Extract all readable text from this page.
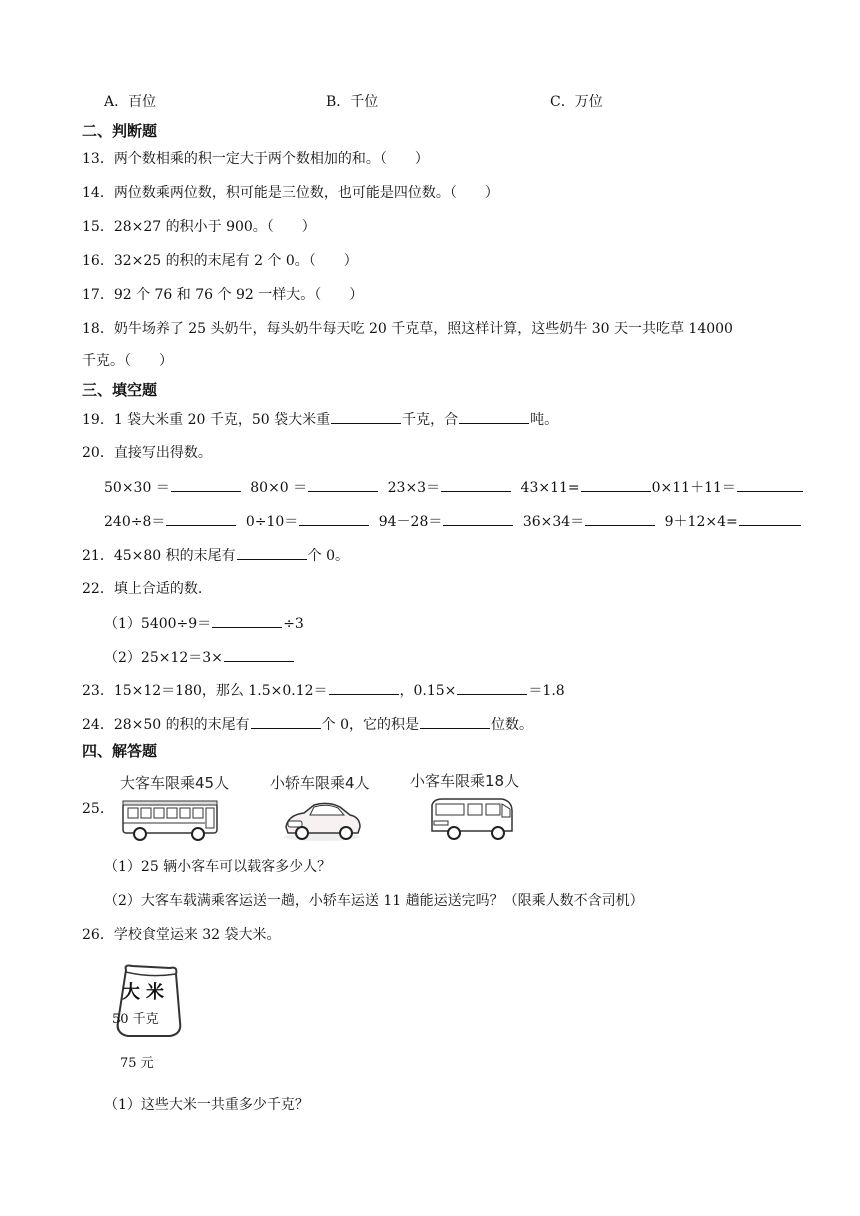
A．百位	B．千位	C．万位
二、判断题
13．两个数相乘的积一定大于两个数相加的和。（　　）
14．两位数乘两位数，积可能是三位数，也可能是四位数。（　　）
15．28×27 的积小于 900。（　　）
16．32×25 的积的末尾有 2 个 0。（　　）
17．92 个 76 和 76 个 92 一样大。（　　）
18．奶牛场养了 25 头奶牛，每头奶牛每天吃 20 千克草，照这样计算，这些奶牛 30 天一共吃草 14000
千克。（　　）
三、填空题
19．1 袋大米重 20 千克，50 袋大米重	千克，合	吨。
20．直接写出得数。
50×30 ＝	80×0 ＝	23×3＝	43×11=	0×11＋11＝
240÷8＝	0÷10＝	94－28＝	36×34＝	9＋12×4=
21．45×80 积的末尾有	个 0。
22．填上合适的数.
（1）5400÷9＝	÷3
（2）25×12＝3×
23．15×12＝180，那么 1.5×0.12＝	，0.15×	＝1.8
24．28×50 的积的末尾有	个 0，它的积是	位数。
四、解答题
25．
大客车限乘45人	小轿车限乘4人	小客车限乘18人
（1）25 辆小客车可以载客多少人？
（2）大客车载满乘客运送一趟，小轿车运送 11 趟能运送完吗？（限乘人数不含司机）
26．学校食堂运来 32 袋大米。
大米
50 千克
75 元
（1）这些大米一共重多少千克？
